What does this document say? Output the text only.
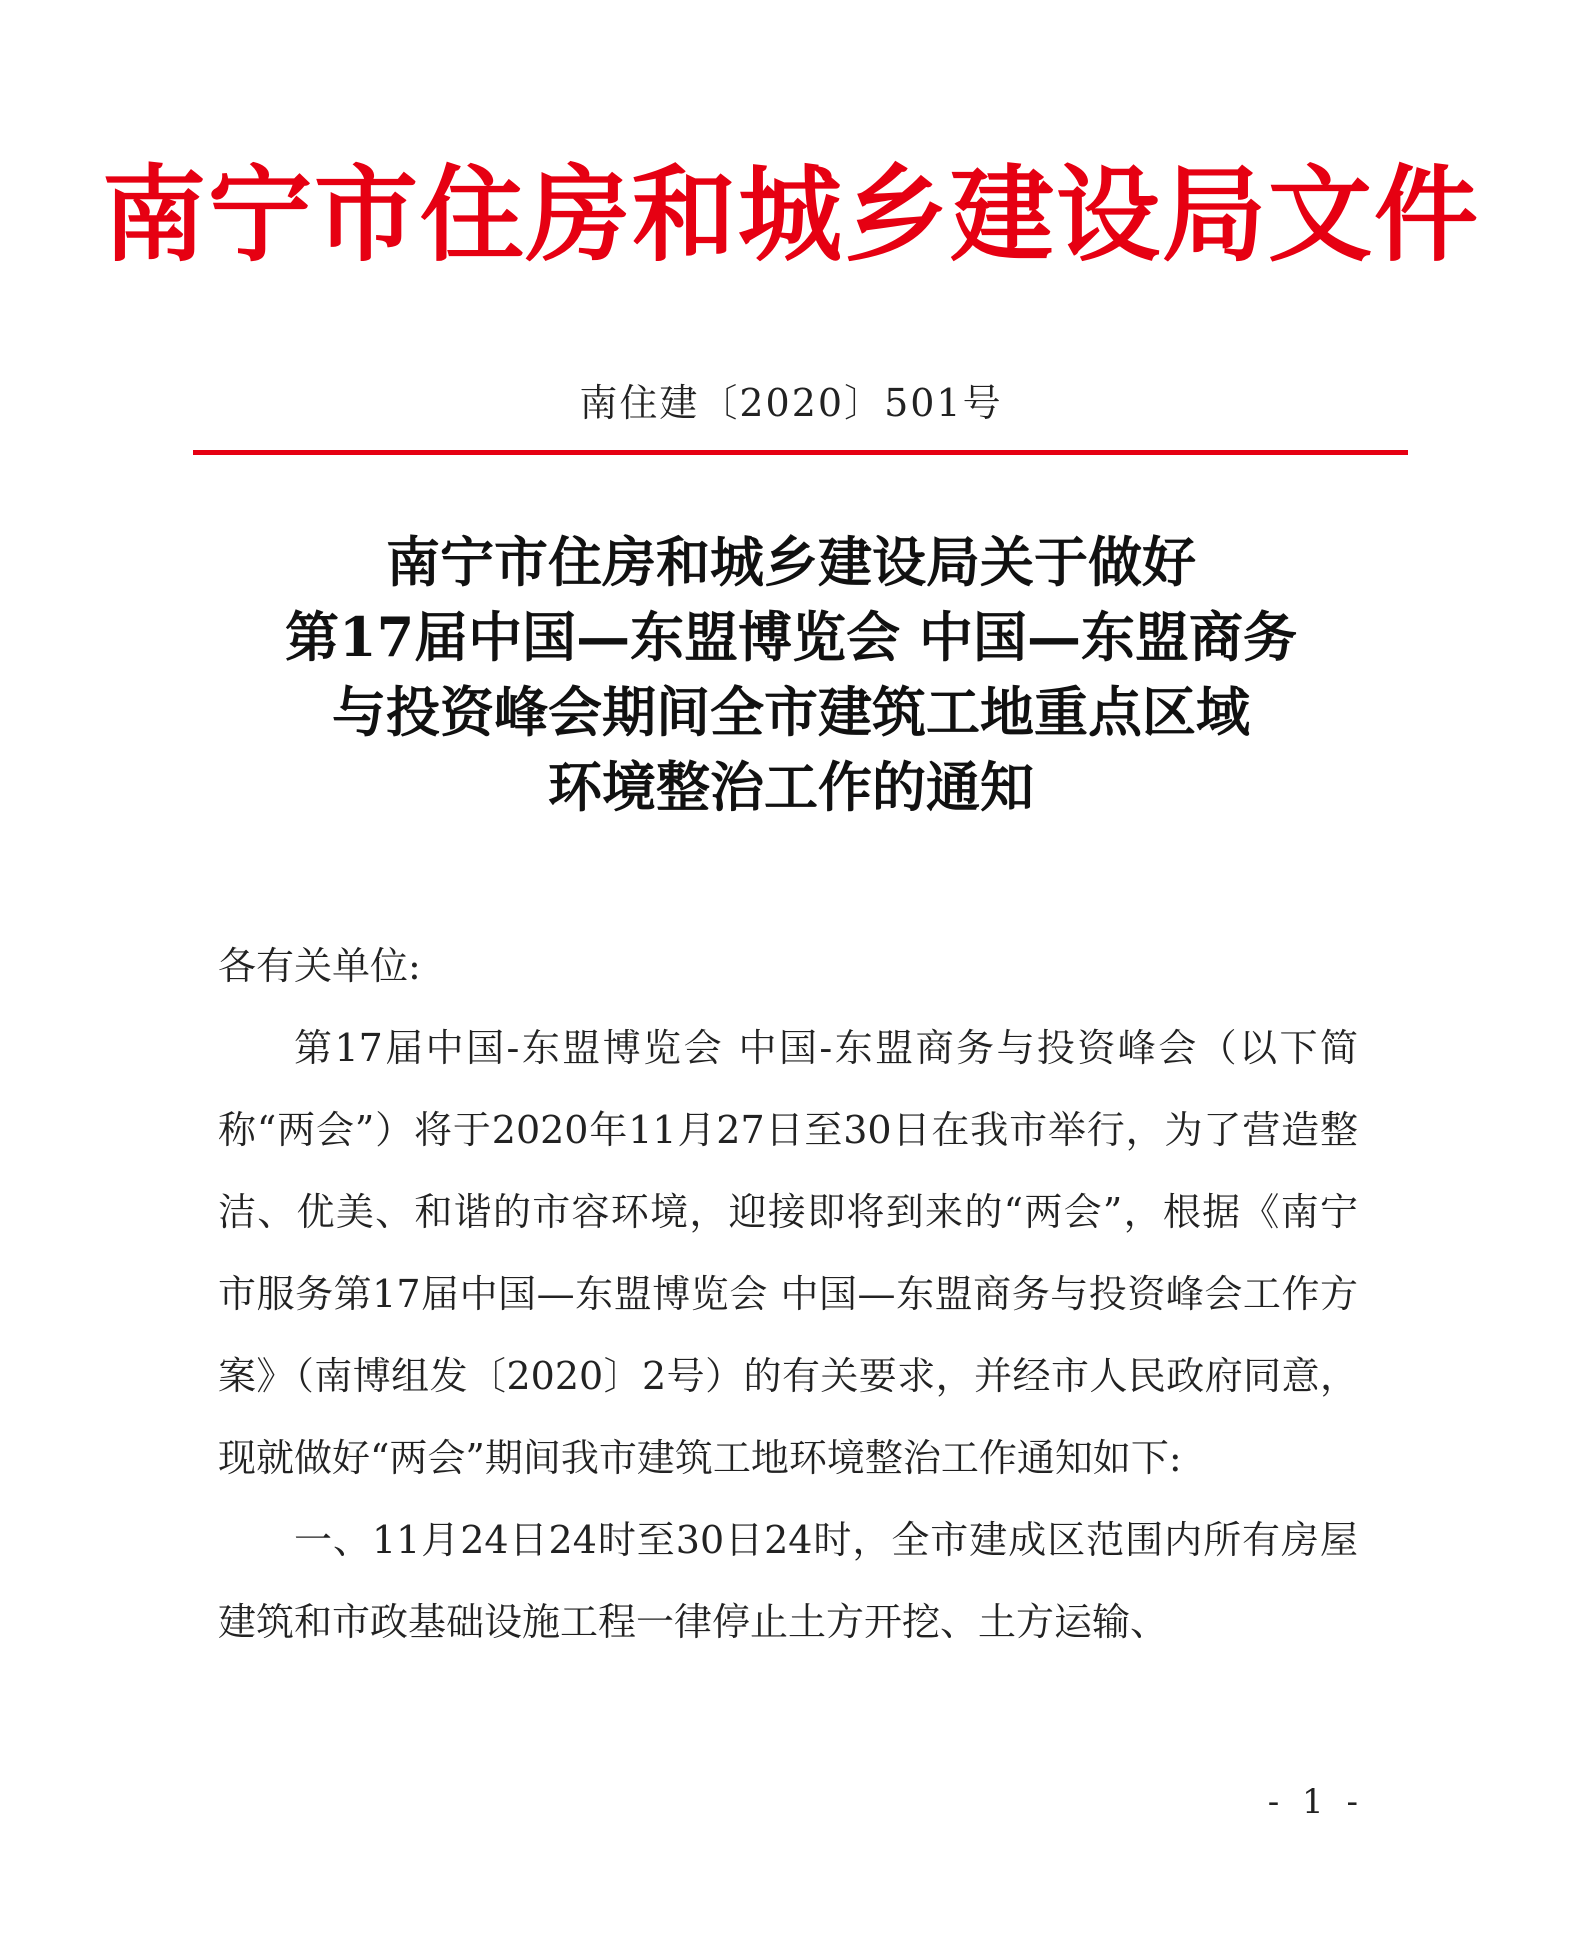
南宁市住房和城乡建设局文件
南住建〔2020〕501号
南宁市住房和城乡建设局关于做好
第17届中国—东盟博览会 中国—东盟商务
与投资峰会期间全市建筑工地重点区域
环境整治工作的通知
各有关单位:

第17届中国-东盟博览会 中国-东盟商务与投资峰会（以下简称“两会”）将于2020年11月27日至30日在我市举行，为了营造整洁、优美、和谐的市容环境，迎接即将到来的“两会”，根据《南宁市服务第17届中国—东盟博览会 中国—东盟商务与投资峰会工作方案》（南博组发〔2020〕2号）的有关要求，并经市人民政府同意，现就做好“两会”期间我市建筑工地环境整治工作通知如下:

一、11月24日24时至30日24时，全市建成区范围内所有房屋建筑和市政基础设施工程一律停止土方开挖、土方运输、

- 1 -
